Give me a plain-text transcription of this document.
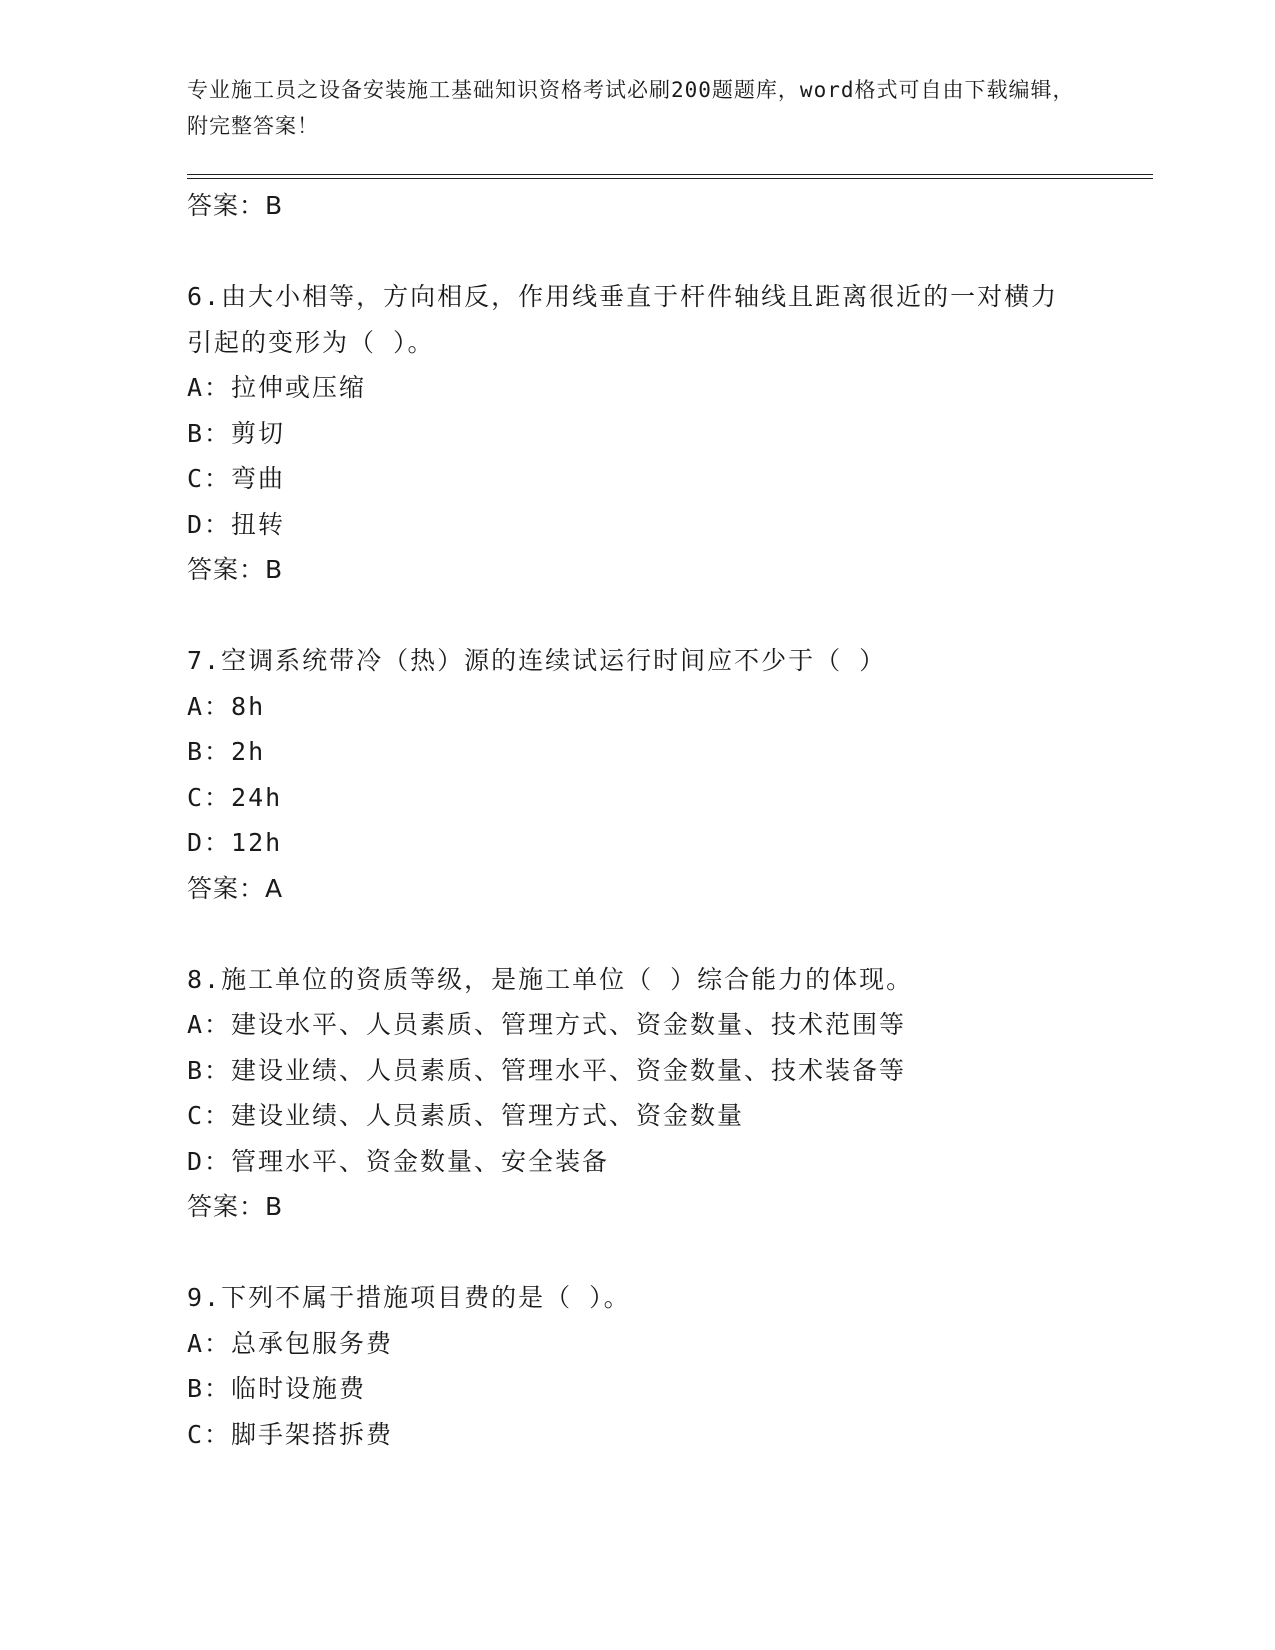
专业施工员之设备安装施工基础知识资格考试必刷200题题库，word格式可自由下载编辑，附完整答案！

答案：B

6.由大小相等，方向相反，作用线垂直于杆件轴线且距离很近的一对横力引起的变形为（ ）。

A：拉伸或压缩

B：剪切

C：弯曲

D：扭转

答案：B

7.空调系统带冷（热）源的连续试运行时间应不少于（ ）

A：8h

B：2h

C：24h

D：12h

答案：A

8.施工单位的资质等级，是施工单位（ ）综合能力的体现。

A：建设水平、人员素质、管理方式、资金数量、技术范围等

B：建设业绩、人员素质、管理水平、资金数量、技术装备等

C：建设业绩、人员素质、管理方式、资金数量

D：管理水平、资金数量、安全装备

答案：B

9.下列不属于措施项目费的是（ ）。

A：总承包服务费

B：临时设施费

C：脚手架搭拆费
